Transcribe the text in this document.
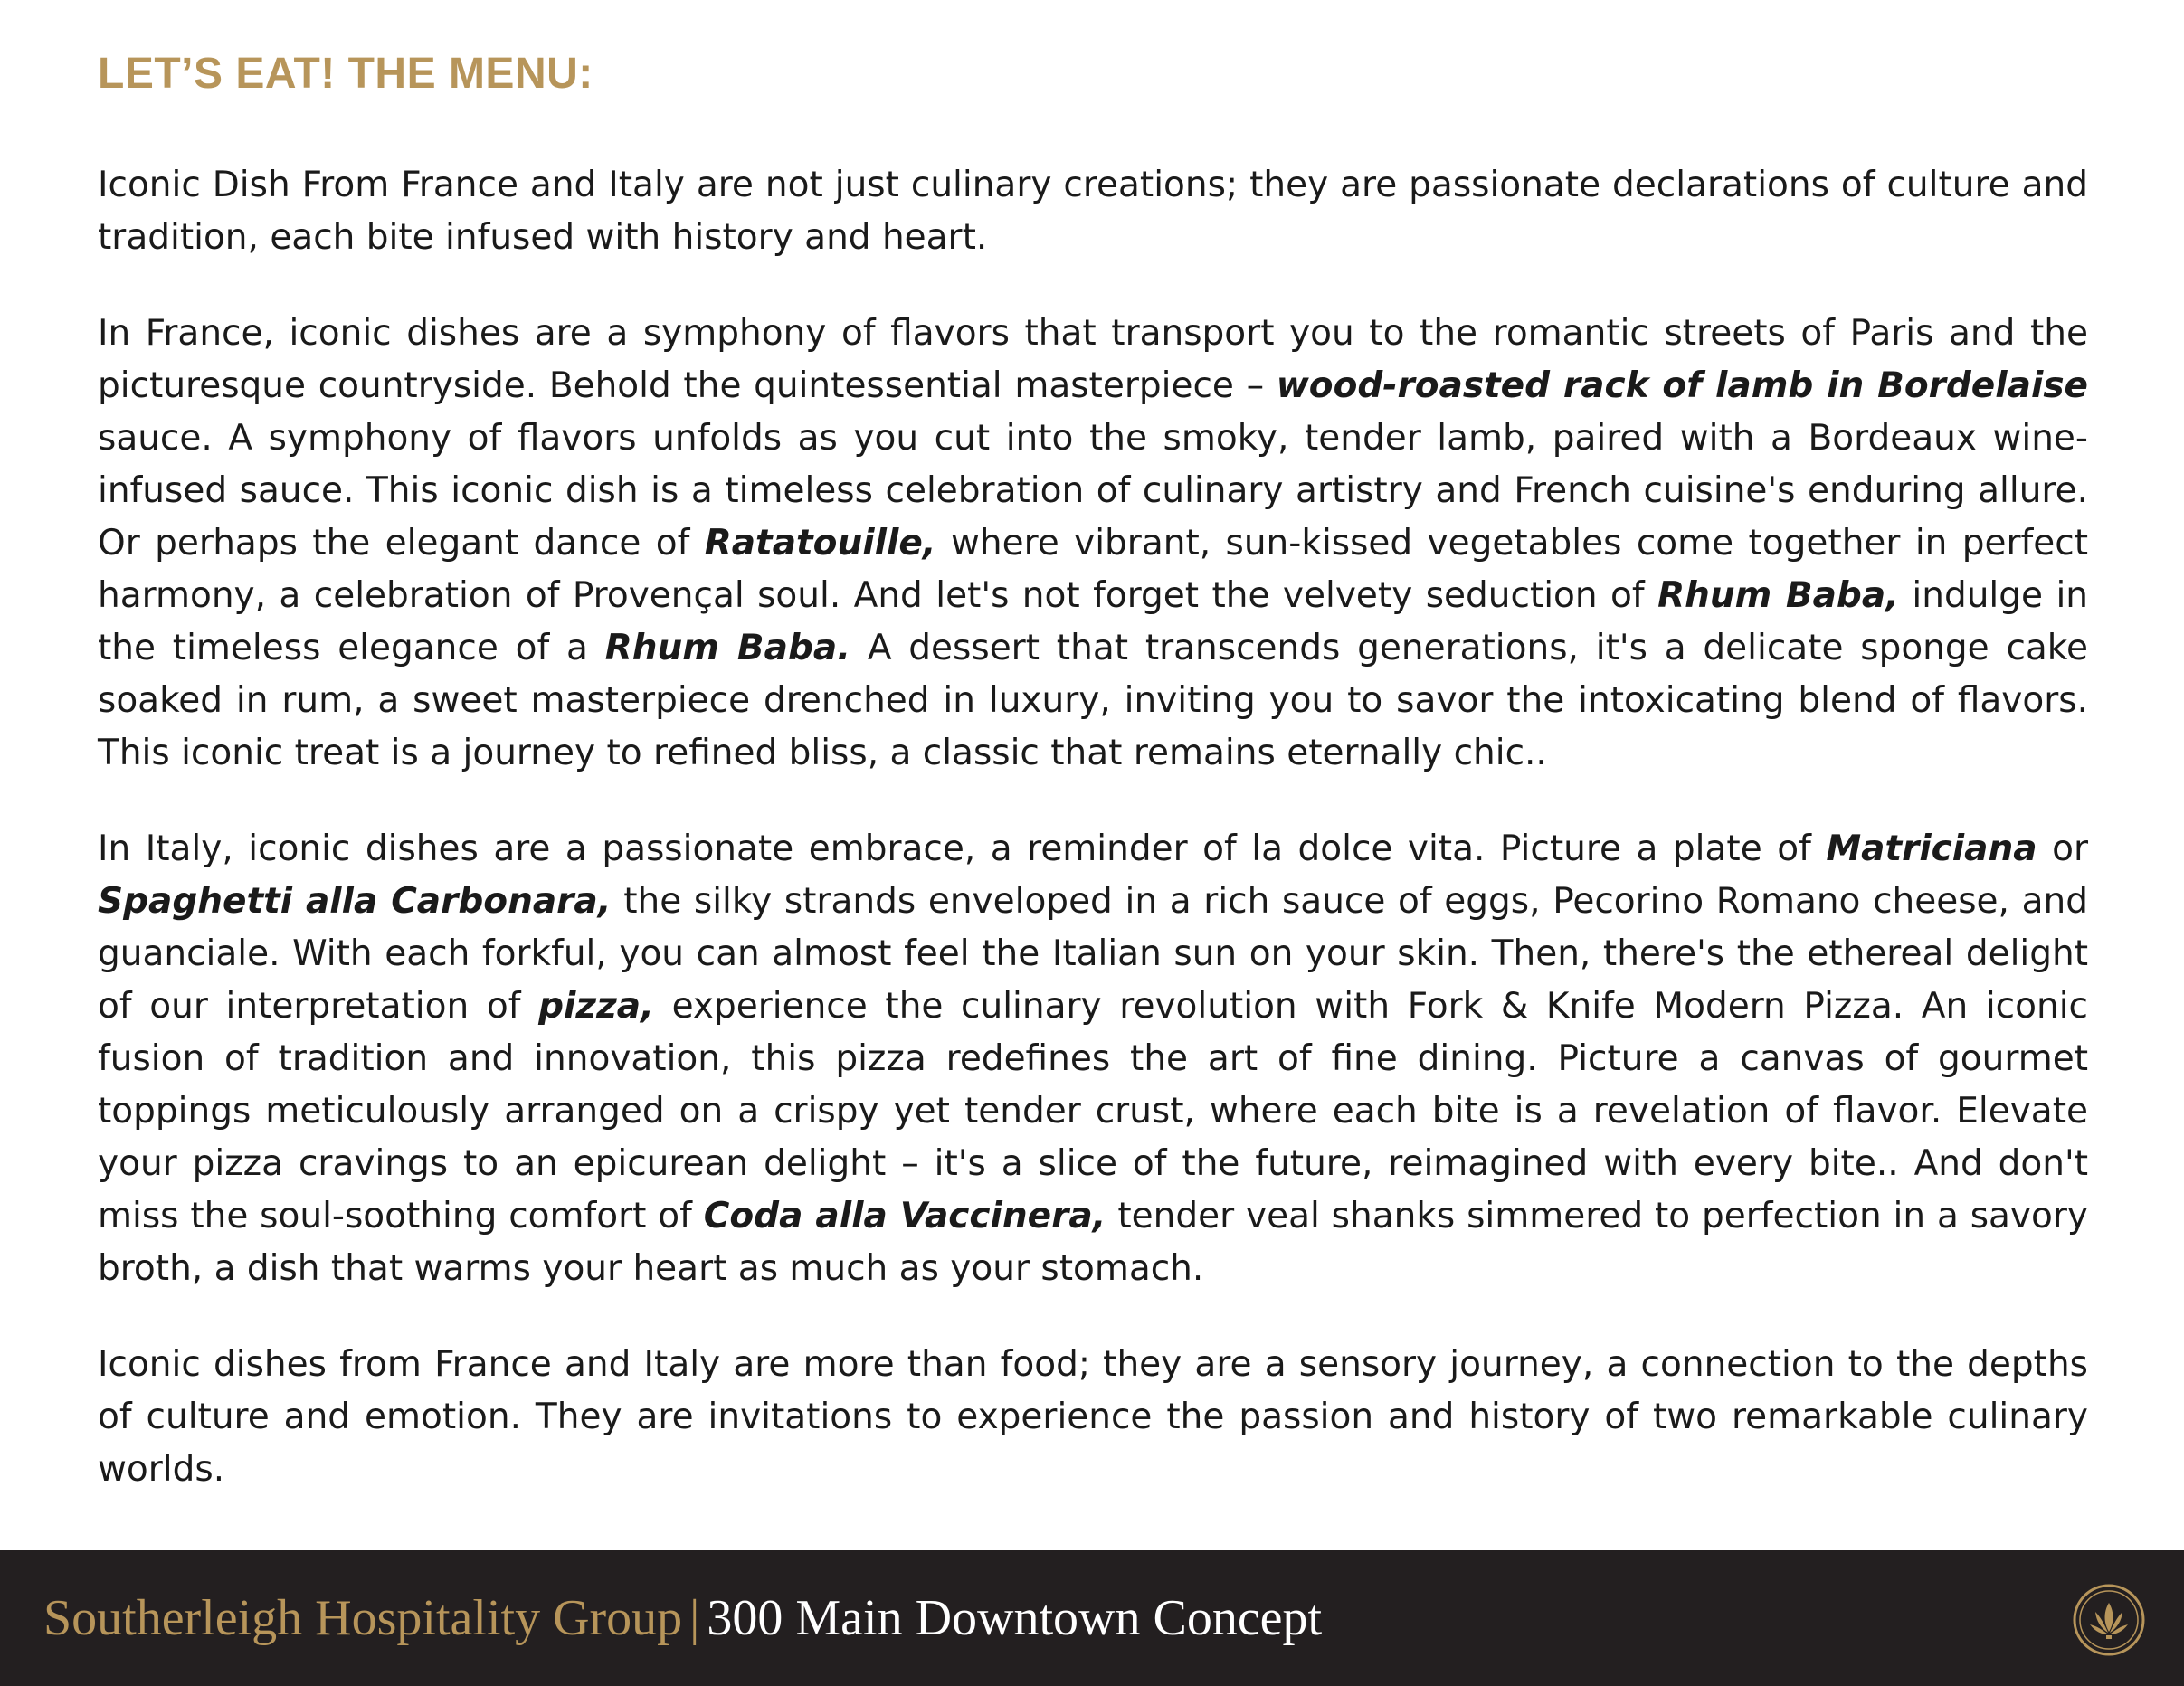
LET’S EAT! THE MENU:

Iconic Dish From France and Italy are not just culinary creations; they are passionate declarations of culture and tradition, each bite infused with history and heart.

In France, iconic dishes are a symphony of flavors that transport you to the romantic streets of Paris and the picturesque countryside. Behold the quintessential masterpiece – wood-roasted rack of lamb in Bordelaise sauce. A symphony of flavors unfolds as you cut into the smoky, tender lamb, paired with a Bordeaux wine-infused sauce. This iconic dish is a timeless celebration of culinary artistry and French cuisine's enduring allure. Or perhaps the elegant dance of Ratatouille, where vibrant, sun-kissed vegetables come together in perfect harmony, a celebration of Provençal soul. And let's not forget the velvety seduction of Rhum Baba, indulge in the timeless elegance of a Rhum Baba. A dessert that transcends generations, it's a delicate sponge cake soaked in rum, a sweet masterpiece drenched in luxury, inviting you to savor the intoxicating blend of flavors. This iconic treat is a journey to refined bliss, a classic that remains eternally chic..

In Italy, iconic dishes are a passionate embrace, a reminder of la dolce vita. Picture a plate of Matriciana or Spaghetti alla Carbonara, the silky strands enveloped in a rich sauce of eggs, Pecorino Romano cheese, and guanciale. With each forkful, you can almost feel the Italian sun on your skin. Then, there's the ethereal delight of our interpretation of pizza, experience the culinary revolution with Fork & Knife Modern Pizza. An iconic fusion of tradition and innovation, this pizza redefines the art of fine dining. Picture a canvas of gourmet toppings meticulously arranged on a crispy yet tender crust, where each bite is a revelation of flavor. Elevate your pizza cravings to an epicurean delight – it's a slice of the future, reimagined with every bite.. And don't miss the soul-soothing comfort of Coda alla Vaccinera, tender veal shanks simmered to perfection in a savory broth, a dish that warms your heart as much as your stomach.

Iconic dishes from France and Italy are more than food; they are a sensory journey, a connection to the depths of culture and emotion. They are invitations to experience the passion and history of two remarkable culinary worlds.

Southerleigh Hospitality Group | 300 Main Downtown Concept
